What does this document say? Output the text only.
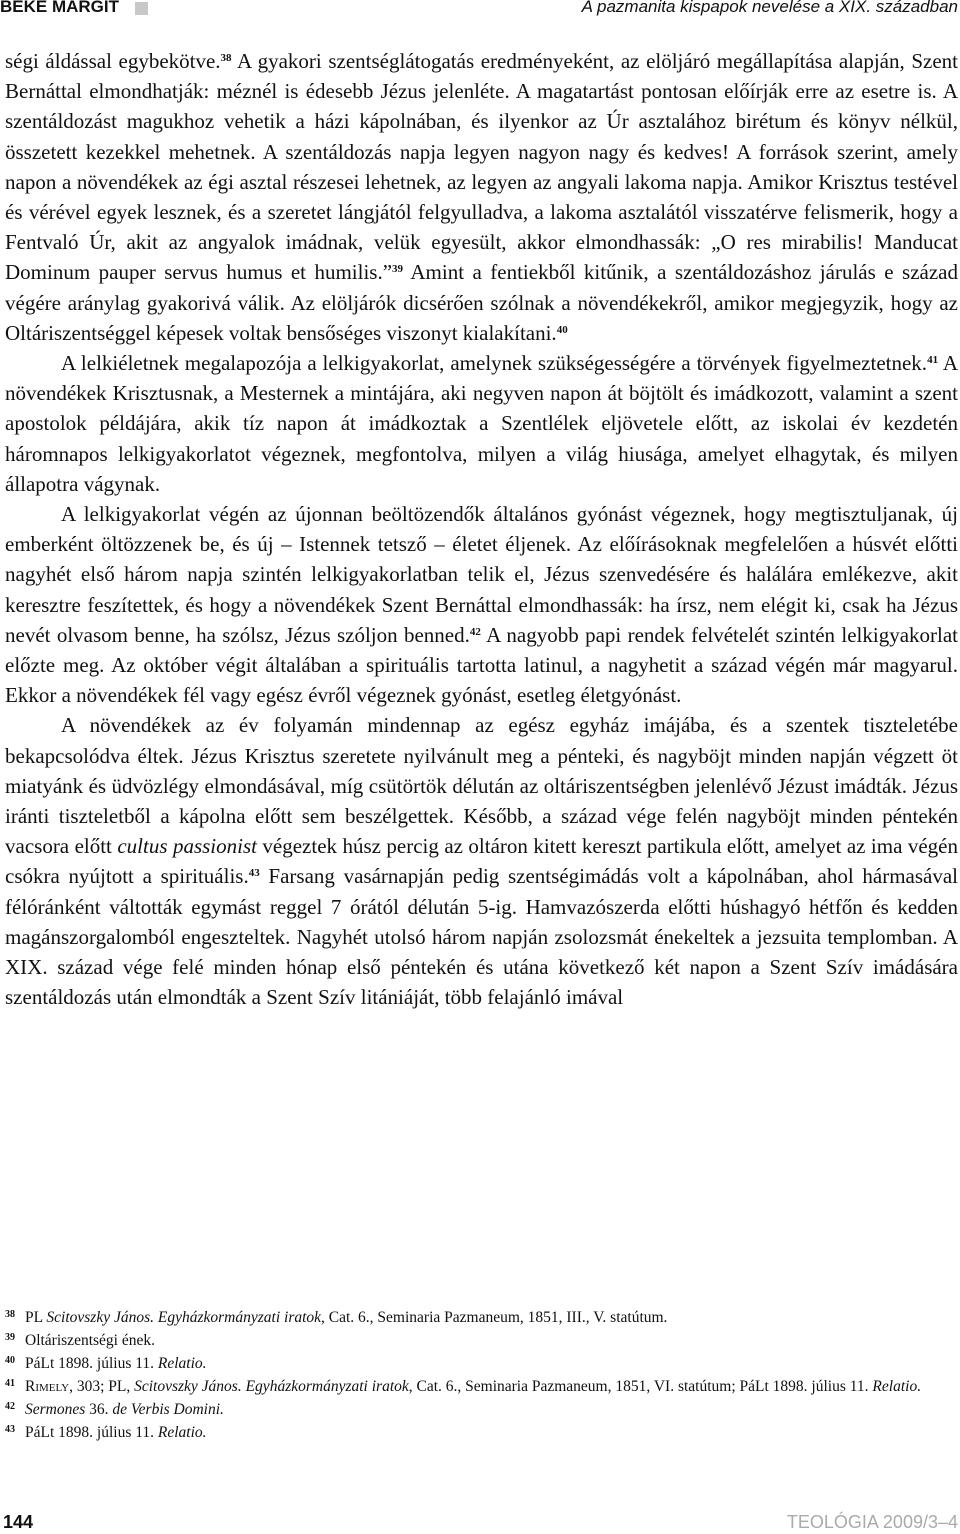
BEKE MARGIT	A pazmanita kispapok nevelése a XIX. században

ségi áldással egybekötve.$^{38}$ A gyakori szentséglátogatás eredményeként, az elöljáró megállapítása alapján, Szent Bernáttal elmondhatják: méznél is édesebb Jézus jelenléte. A magatartást pontosan előírják erre az esetre is. A szentáldozást magukhoz vehetik a házi kápolnában, és ilyenkor az Úr asztalához birétum és könyv nélkül, összetett kezekkel mehetnek. A szentáldozás napja legyen nagyon nagy és kedves! A források szerint, amely napon a növendékek az égi asztal részesei lehetnek, az legyen az angyali lakoma napja. Amikor Krisztus testével és vérével egyek lesznek, és a szeretet lángjától felgyulladva, a lakoma asztalától visszatérve felismerik, hogy a Fentvaló Úr, akit az angyalok imádnak, velük egyesült, akkor elmondhassák: „O res mirabilis! Manducat Dominum pauper servus humus et humilis.”$^{39}$ Amint a fentiekből kitűnik, a szentáldozáshoz járulás e század végére aránylag gyakorivá válik. Az elöljárók dicsérően szólnak a növendékekről, amikor megjegyzik, hogy az Oltáriszentséggel képesek voltak bensőséges viszonyt kialakítani.$^{40}$

A lelkiéletnek megalapozója a lelkigyakorlat, amelynek szükségességére a törvények figyelmeztetnek.$^{41}$ A növendékek Krisztusnak, a Mesternek a mintájára, aki negyven napon át böjtölt és imádkozott, valamint a szent apostolok példájára, akik tíz napon át imádkoztak a Szentlélek eljövetele előtt, az iskolai év kezdetén háromnapos lelkigyakorlatot végeznek, megfontolva, milyen a világ hiusága, amelyet elhagytak, és milyen állapotra vágynak.

A lelkigyakorlat végén az újonnan beöltözendők általános gyónást végeznek, hogy megtisztuljanak, új emberként öltözzenek be, és új – Istennek tetsző – életet éljenek. Az előírásoknak megfelelően a húsvét előtti nagyhét első három napja szintén lelkigyakorlatban telik el, Jézus szenvedésére és halálára emlékezve, akit keresztre feszítettek, és hogy a növendékek Szent Bernáttal elmondhassák: ha írsz, nem elégit ki, csak ha Jézus nevét olvasom benne, ha szólsz, Jézus szóljon benned.$^{42}$ A nagyobb papi rendek felvételét szintén lelkigyakorlat előzte meg. Az október végit általában a spirituális tartotta latinul, a nagyhetit a század végén már magyarul. Ekkor a növendékek fél vagy egész évről végeznek gyónást, esetleg életgyónást.

A növendékek az év folyamán mindennap az egész egyház imájába, és a szentek tiszteletébe bekapcsolódva éltek. Jézus Krisztus szeretete nyilvánult meg a pénteki, és nagyböjt minden napján végzett öt miatyánk és üdvözlégy elmondásával, míg csütörtök délután az oltáriszentségben jelenlévő Jézust imádták. Jézus iránti tiszteletből a kápolna előtt sem beszélgettek. Később, a század vége felén nagyböjt minden péntekén vacsora előtt cultus passionist végeztek húsz percig az oltáron kitett kereszt partikula előtt, amelyet az ima végén csókra nyújtott a spirituális.$^{43}$ Farsang vasárnapján pedig szentségimádás volt a kápolnában, ahol hármasával félóránként váltották egymást reggel 7 órától délután 5-ig. Hamvazószerda előtti húshagyó hétfőn és kedden magánszorgalomból engeszteltek. Nagyhét utolsó három napján zsolozsmát énekeltek a jezsuita templomban. A XIX. század vége felé minden hónap első péntekén és utána következő két napon a Szent Szív imádására szentáldozás után elmondták a Szent Szív litániáját, több felajánló imával

$^{38}$ PL Scitovszky János. Egyházkormányzati iratok, Cat. 6., Seminaria Pazmaneum, 1851, III., V. statútum.
$^{39}$ Oltáriszentségi ének.
$^{40}$ PáLt 1898. július 11. Relatio.
$^{41}$ Rimely, 303; PL, Scitovszky János. Egyházkormányzati iratok, Cat. 6., Seminaria Pazmaneum, 1851, VI. statútum; PáLt 1898. július 11. Relatio.
$^{42}$ Sermones 36. de Verbis Domini.
$^{43}$ PáLt 1898. július 11. Relatio.
144	TEOLÓGIA 2009/3–4
